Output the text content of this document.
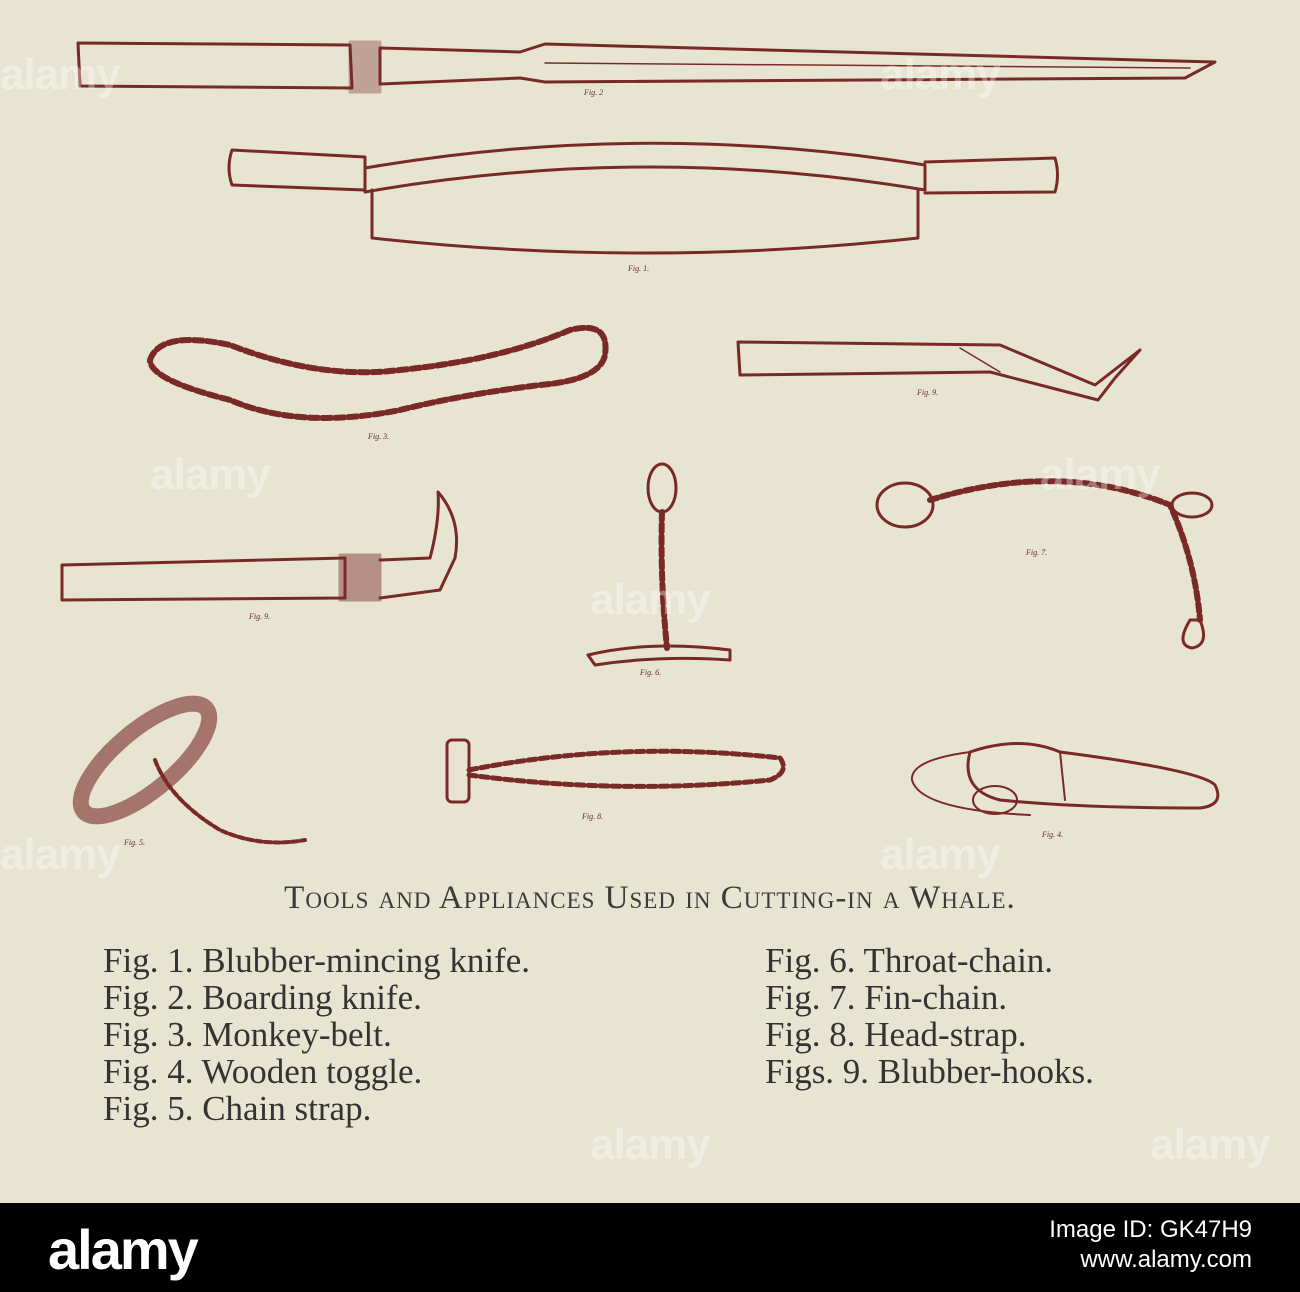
Fig. 2
Fig. 1.
Fig. 3.
Fig. 9.
Fig. 9.
Fig. 6.
Fig. 7.
Fig. 8.
Fig. 5.
Fig. 4.
alamy	alamy
alamy
alamy
alamy
alamy	alamy
alamy	alamy
Tools and Appliances Used in Cutting-in a Whale.
Fig. 1. Blubber-mincing knife.
Fig. 2. Boarding knife.
Fig. 3. Monkey-belt.
Fig. 4. Wooden toggle.
Fig. 5. Chain strap.
Fig. 6. Throat-chain.
Fig. 7. Fin-chain.
Fig. 8. Head-strap.
Figs. 9. Blubber-hooks.
alamy	Image ID: GK47H9
www.alamy.com
